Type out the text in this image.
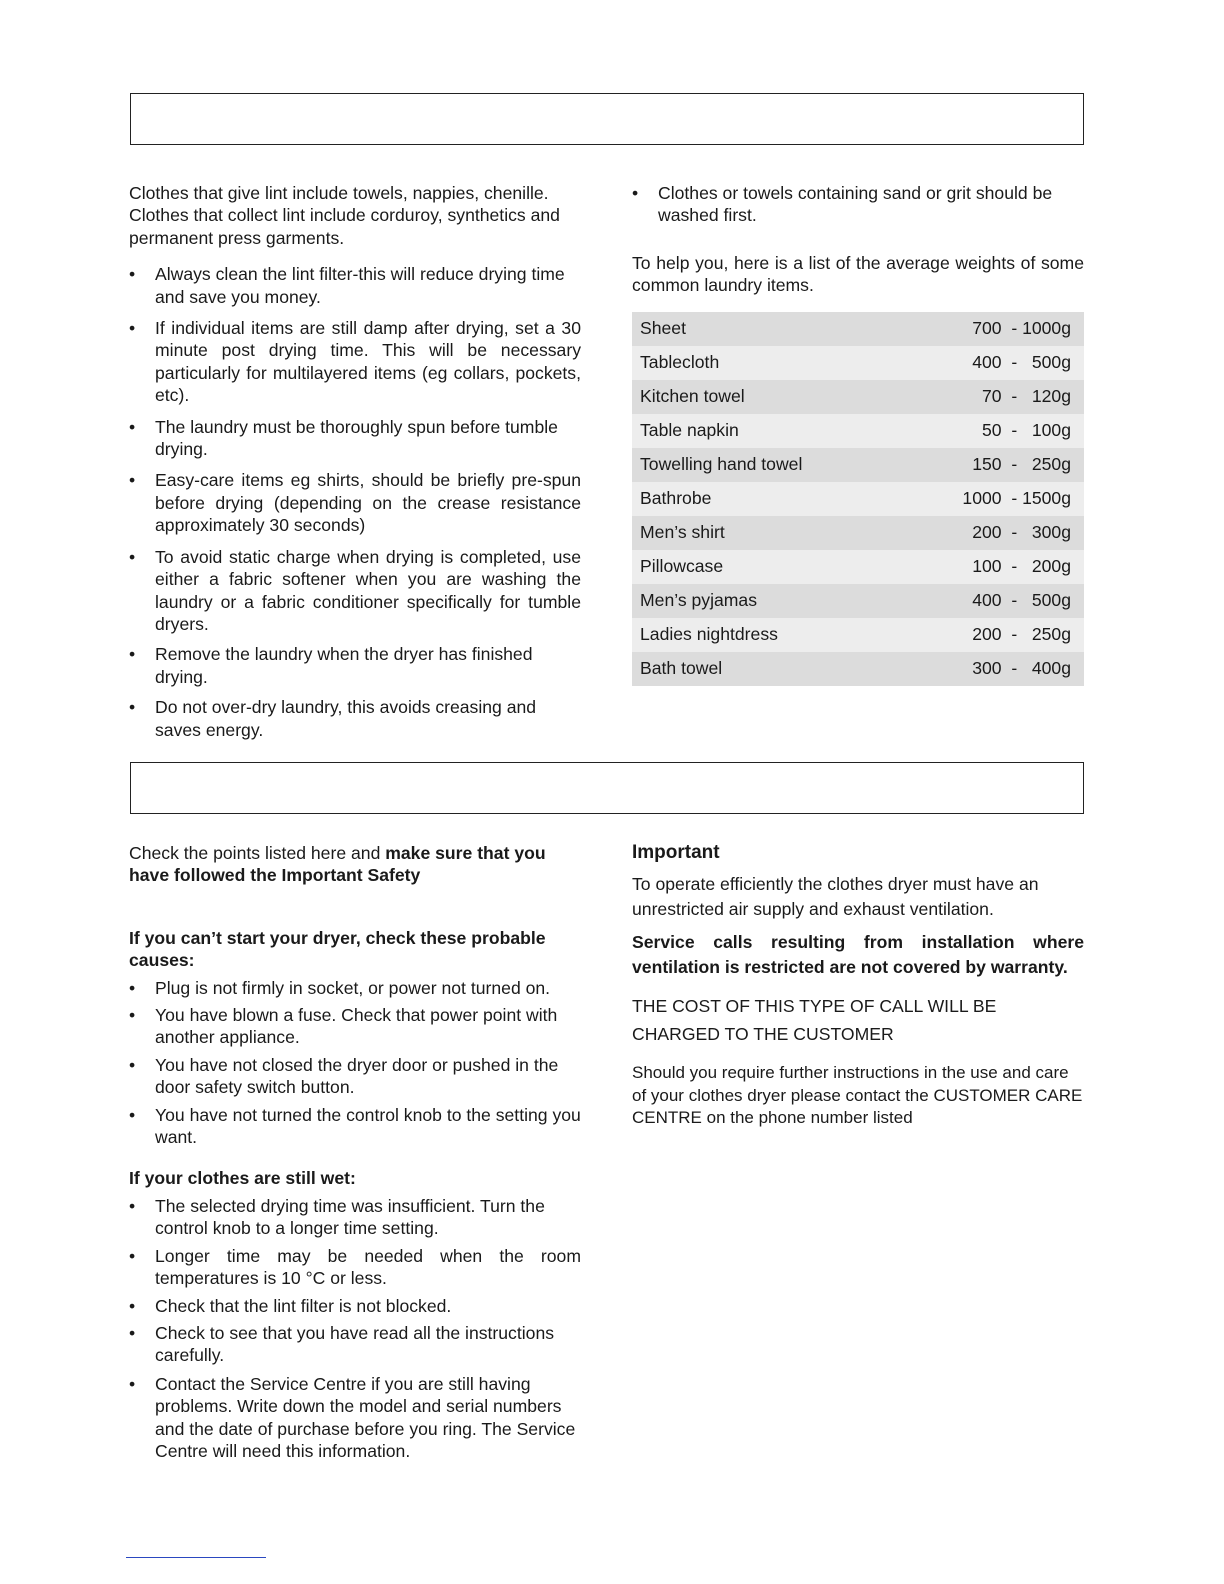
Clothes that give lint include towels, nappies, chenille. Clothes that collect lint include corduroy, synthetics and permanent press garments.

• Always clean the lint filter-this will reduce drying time and save you money.
• If individual items are still damp after drying, set a 30 minute post drying time. This will be necessary particularly for multilayered items (eg collars, pockets, etc).
• The laundry must be thoroughly spun before tumble drying.
• Easy-care items eg shirts, should be briefly pre-spun before drying (depending on the crease resistance approximately 30 seconds)
• To avoid static charge when drying is completed, use either a fabric softener when you are washing the laundry or a fabric conditioner specifically for tumble dryers.
• Remove the laundry when the dryer has finished drying.
• Do not over-dry laundry, this avoids creasing and saves energy.
• Clothes or towels containing sand or grit should be washed first.

To help you, here is a list of the average weights of some common laundry items.

Sheet	700  - 1000g
Tablecloth	400  -   500g
Kitchen towel	70  -   120g
Table napkin	50  -   100g
Towelling hand towel	150  -   250g
Bathrobe	1000  - 1500g
Men’s shirt	200  -   300g
Pillowcase	100  -   200g
Men’s pyjamas	400  -   500g
Ladies nightdress	200  -   250g
Bath towel	300  -   400g

Check the points listed here and make sure that you have followed the Important Safety

If you can’t start your dryer, check these probable causes:

• Plug is not firmly in socket, or power not turned on.
• You have blown a fuse. Check that power point with another appliance.
• You have not closed the dryer door or pushed in the door safety switch button.
• You have not turned the control knob to the setting you want.

If your clothes are still wet:

• The selected drying time was insufficient. Turn the control knob to a longer time setting.
• Longer time may be needed when the room temperatures is 10 °C or less.
• Check that the lint filter is not blocked.
• Check to see that you have read all the instructions carefully.
• Contact the Service Centre if you are still having problems. Write down the model and serial numbers and the date of purchase before you ring. The Service Centre will need this information.

Important

To operate efficiently the clothes dryer must have an unrestricted air supply and exhaust ventilation.

Service calls resulting from installation where ventilation is restricted are not covered by warranty.

THE COST OF THIS TYPE OF CALL WILL BE CHARGED TO THE CUSTOMER

Should you require further instructions in the use and care of your clothes dryer please contact the CUSTOMER CARE CENTRE on the phone number listed
